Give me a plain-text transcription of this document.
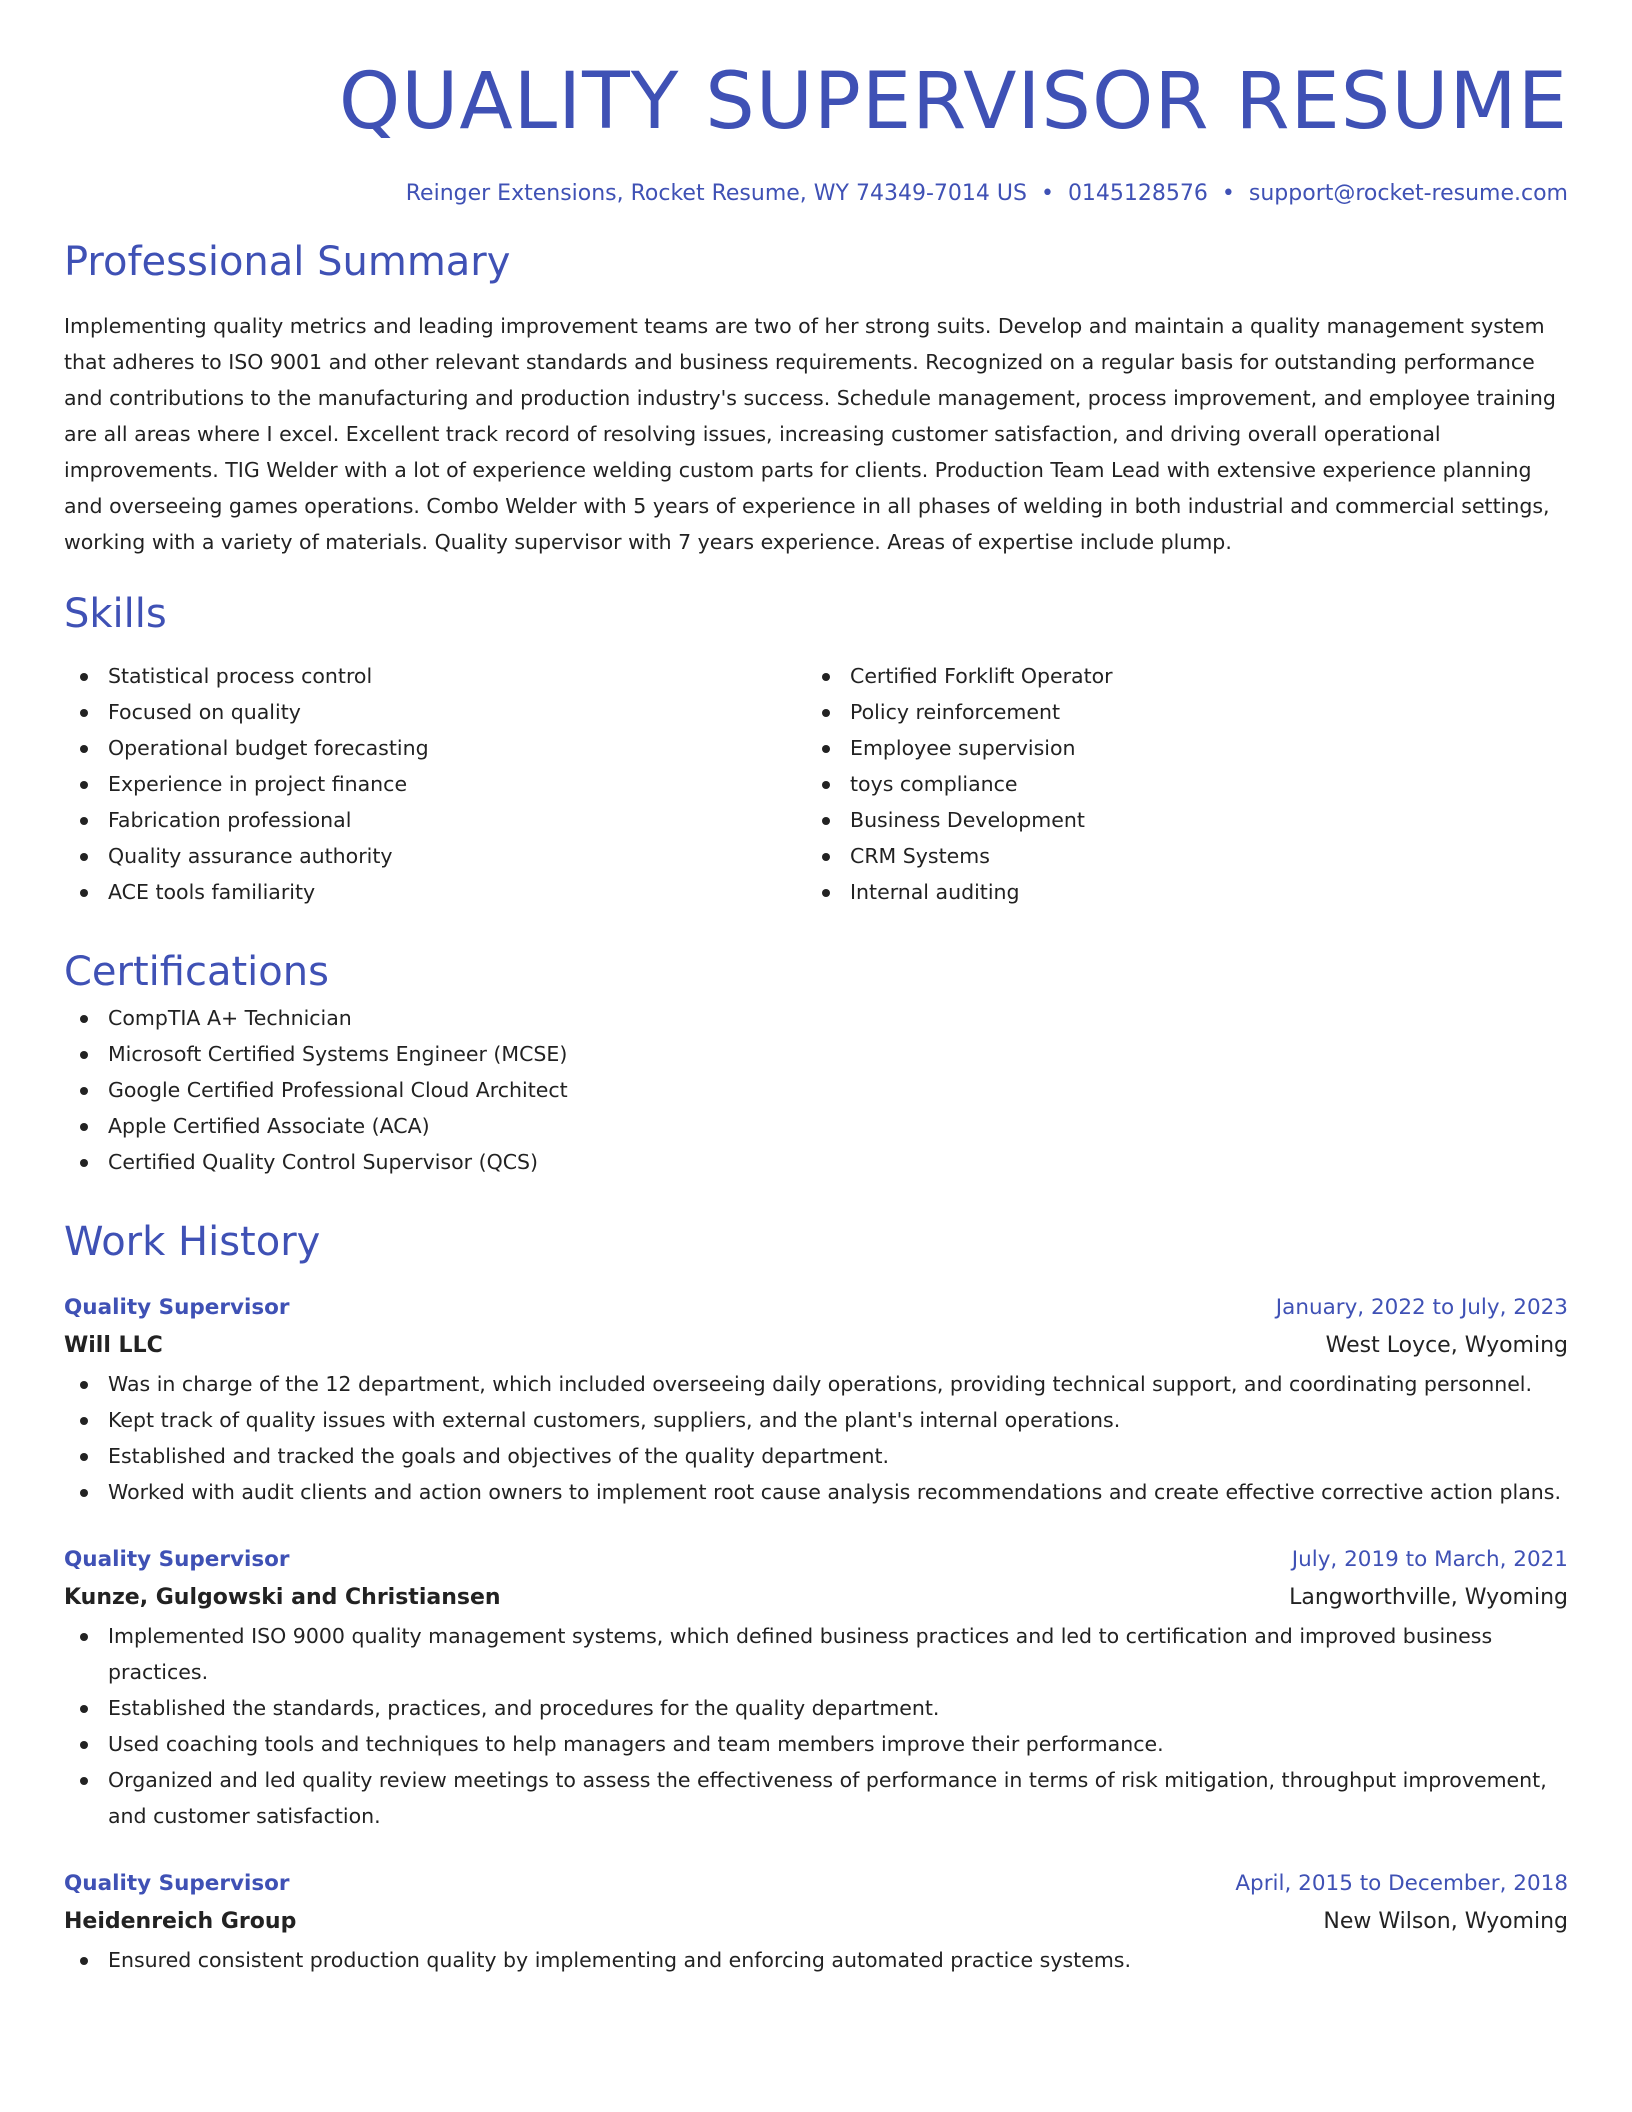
QUALITY SUPERVISOR RESUME
Reinger Extensions, Rocket Resume, WY 74349-7014 US • 0145128576 • support@rocket-resume.com
Professional Summary
Implementing quality metrics and leading improvement teams are two of her strong suits. Develop and maintain a quality management system that adheres to ISO 9001 and other relevant standards and business requirements. Recognized on a regular basis for outstanding performance and contributions to the manufacturing and production industry's success. Schedule management, process improvement, and employee training are all areas where I excel. Excellent track record of resolving issues, increasing customer satisfaction, and driving overall operational improvements. TIG Welder with a lot of experience welding custom parts for clients. Production Team Lead with extensive experience planning and overseeing games operations. Combo Welder with 5 years of experience in all phases of welding in both industrial and commercial settings, working with a variety of materials. Quality supervisor with 7 years experience. Areas of expertise include plump.
Skills
Statistical process control
Focused on quality
Operational budget forecasting
Experience in project finance
Fabrication professional
Quality assurance authority
ACE tools familiarity
Certified Forklift Operator
Policy reinforcement
Employee supervision
toys compliance
Business Development
CRM Systems
Internal auditing
Certifications
CompTIA A+ Technician
Microsoft Certified Systems Engineer (MCSE)
Google Certified Professional Cloud Architect
Apple Certified Associate (ACA)
Certified Quality Control Supervisor (QCS)
Work History
Quality Supervisor	January, 2022 to July, 2023
Will LLC	West Loyce, Wyoming
Was in charge of the 12 department, which included overseeing daily operations, providing technical support, and coordinating personnel.
Kept track of quality issues with external customers, suppliers, and the plant's internal operations.
Established and tracked the goals and objectives of the quality department.
Worked with audit clients and action owners to implement root cause analysis recommendations and create effective corrective action plans.
Quality Supervisor	July, 2019 to March, 2021
Kunze, Gulgowski and Christiansen	Langworthville, Wyoming
Implemented ISO 9000 quality management systems, which defined business practices and led to certification and improved business practices.
Established the standards, practices, and procedures for the quality department.
Used coaching tools and techniques to help managers and team members improve their performance.
Organized and led quality review meetings to assess the effectiveness of performance in terms of risk mitigation, throughput improvement, and customer satisfaction.
Quality Supervisor	April, 2015 to December, 2018
Heidenreich Group	New Wilson, Wyoming
Ensured consistent production quality by implementing and enforcing automated practice systems.
